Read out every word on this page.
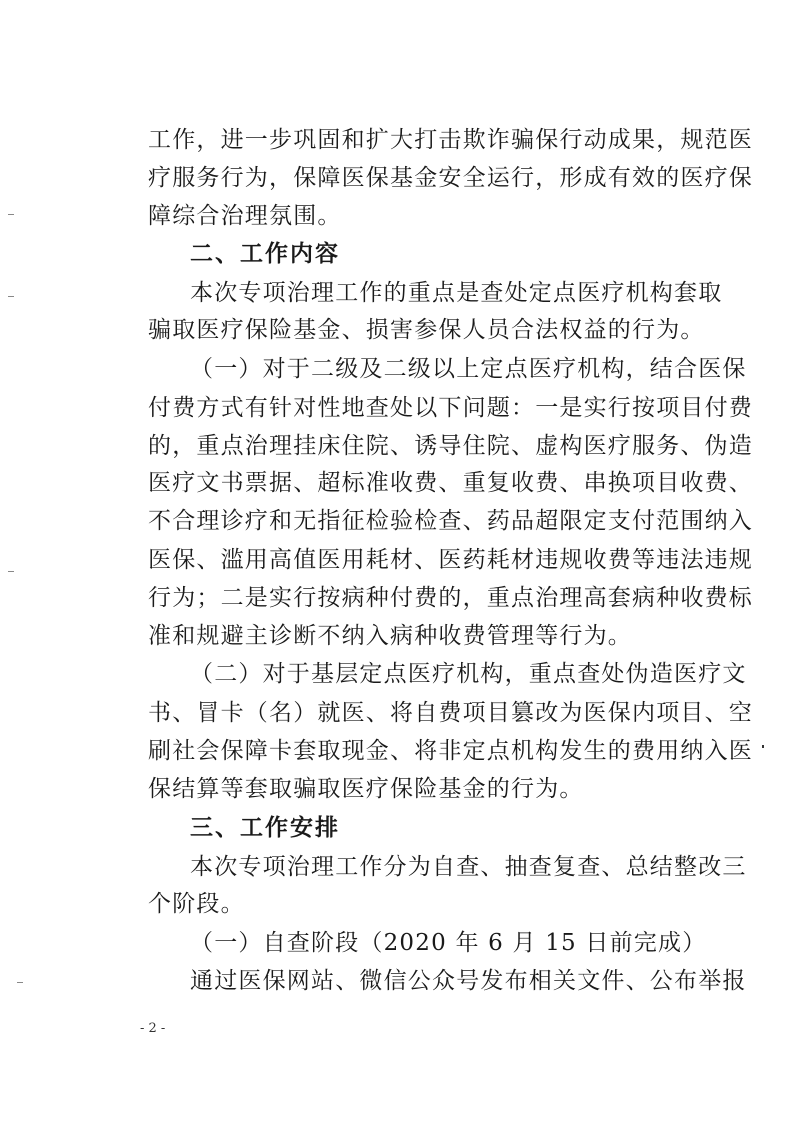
工作，进一步巩固和扩大打击欺诈骗保行动成果，规范医
疗服务行为，保障医保基金安全运行，形成有效的医疗保
障综合治理氛围。
二、工作内容
本次专项治理工作的重点是查处定点医疗机构套取
骗取医疗保险基金、损害参保人员合法权益的行为。
（一）对于二级及二级以上定点医疗机构，结合医保
付费方式有针对性地查处以下问题：一是实行按项目付费
的，重点治理挂床住院、诱导住院、虚构医疗服务、伪造
医疗文书票据、超标准收费、重复收费、串换项目收费、
不合理诊疗和无指征检验检查、药品超限定支付范围纳入
医保、滥用高值医用耗材、医药耗材违规收费等违法违规
行为；二是实行按病种付费的，重点治理高套病种收费标
准和规避主诊断不纳入病种收费管理等行为。
（二）对于基层定点医疗机构，重点查处伪造医疗文
书、冒卡（名）就医、将自费项目篡改为医保内项目、空
刷社会保障卡套取现金、将非定点机构发生的费用纳入医
保结算等套取骗取医疗保险基金的行为。
三、工作安排
本次专项治理工作分为自查、抽查复查、总结整改三
个阶段。
（一）自查阶段（2020 年 6 月 15 日前完成）
通过医保网站、微信公众号发布相关文件、公布举报
- 2 -
